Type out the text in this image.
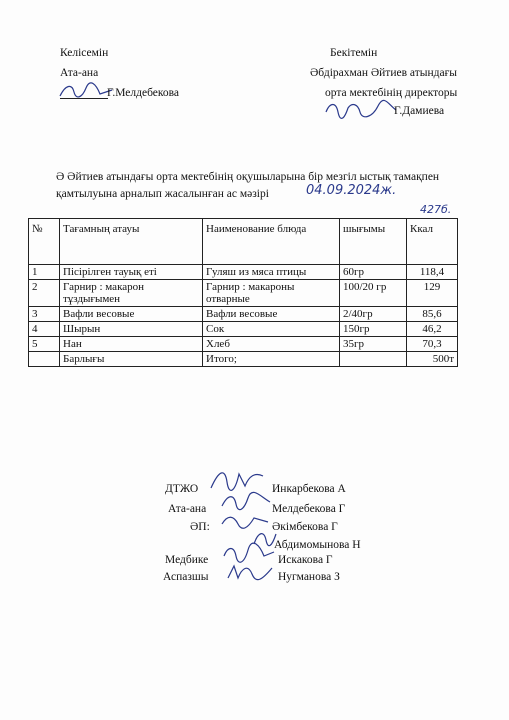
Келісемін
Ата-ана
Г.Мелдебекова
Бекітемін
Әбдірахман Әйтиев атындағы
орта мектебінің директоры
Г.Дамиева
Ә Әйтиев атындағы орта мектебінің оқушыларына бір мезгіл ыстық тамақпен
қамтылуына арналып жасалынған ас мәзірі	04.09.2024ж.
427б.
№	Тағамның атауы	Наименование блюда	шығымы	Ккал
1	Пісірілген тауық еті	Гуляш из мяса птицы	60гр	118,4
2	Гарнир : макарон тұздығымен	Гарнир : макароны отварные	100/20 гр	129
3	Вафли весовые	Вафли весовые	2/40гр	85,6
4	Шырын	Сок	150гр	46,2
5	Нан	Хлеб	35гр	70,3
	Барлығы	Итого;		500т
ДТЖО	Инкарбекова А
Ата-ана	Мелдебекова Г
ӘП:	Әкімбекова Г
Абдимомынова Н
Медбике	Искакова Г
Аспазшы	Нугманова З
